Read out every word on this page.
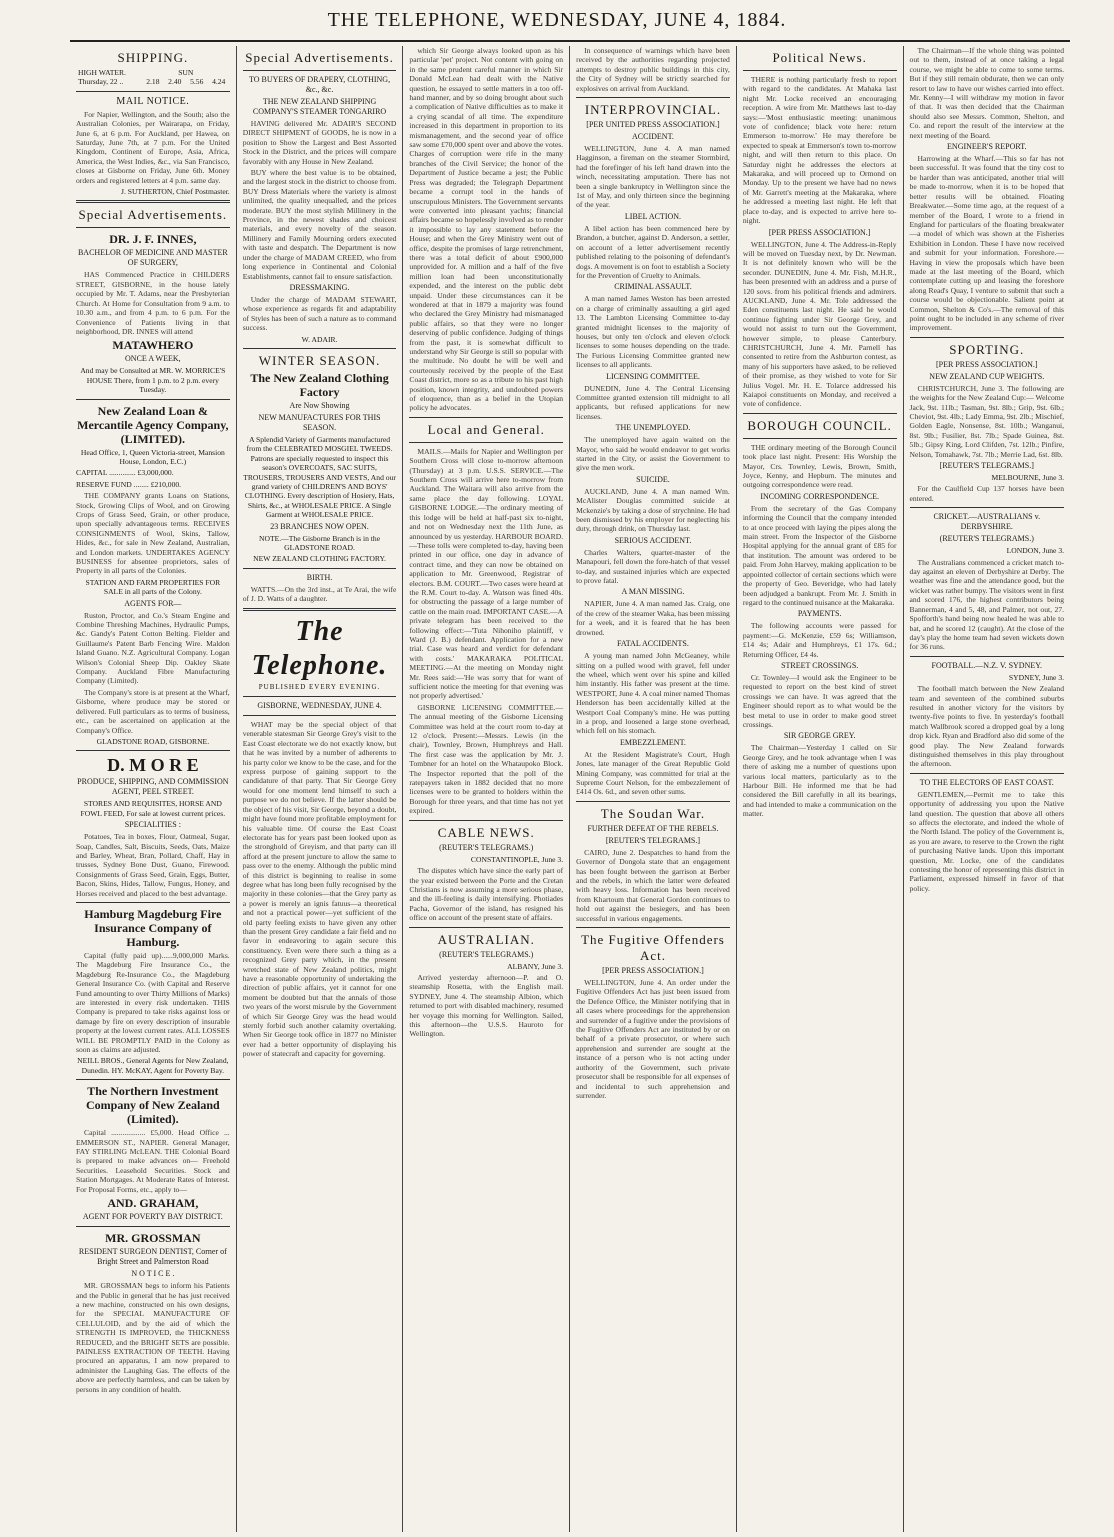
THE TELEPHONE, WEDNESDAY, JUNE 4, 1884.
SHIPPING.
HIGH WATER.	SUN			
Thursday, 22 ..	2.18	2.40	5.56	4.24
MAIL NOTICE.

For Napier, Wellington, and the South; also the Australian Colonies, per Wairarapa, on Friday, June 6, at 6 p.m. For Auckland, per Hawea, on Saturday, June 7th, at 7 p.m. For the United Kingdom, Continent of Europe, Asia, Africa, America, the West Indies, &c., via San Francisco, closes at Gisborne on Friday, June 6th. Money orders and registered letters at 4 p.m. same day.

J. SUTHERTON, Chief Postmaster.

Special Advertisements.
DR. J. F. INNES,
BACHELOR OF MEDICINE AND MASTER OF SURGERY,

HAS Commenced Practice in CHILDERS STREET, GISBORNE, in the house lately occupied by Mr. T. Adams, near the Presbyterian Church. At Home for Consultation from 9 a.m. to 10.30 a.m., and from 4 p.m. to 6 p.m. For the Convenience of Patients living in that neighborhood, DR. INNES will attend

MATAWHERO
ONCE A WEEK,

And may be Consulted at MR. W. MORRICE'S HOUSE There, from 1 p.m. to 2 p.m. every Tuesday.

New Zealand Loan & Mercantile Agency Company, (LIMITED).

Head Office, 1, Queen Victoria-street, Mansion House, London, E.C.)

CAPITAL .............. £3,000,000.

RESERVE FUND ........ £210,000.

THE COMPANY grants Loans on Stations, Stock, Growing Clips of Wool, and on Growing Crops of Grass Seed, Grain, or other produce, upon specially advantageous terms. RECEIVES CONSIGNMENTS of Wool, Skins, Tallow, Hides, &c., for sale in New Zealand, Australian, and London markets. UNDERTAKES AGENCY BUSINESS for absentee proprietors, sales of Property in all parts of the Colonies.

STATION AND FARM PROPERTIES FOR SALE in all parts of the Colony.

AGENTS FOR—

Ruston, Proctor, and Co.'s Steam Engine and Combine Threshing Machines, Hydraulic Pumps, &c. Gandy's Patent Cotton Belting. Fielder and Guillaume's Patent Barb Fencing Wire. Maldon Island Guano. N.Z. Agricultural Company. Logan Wilson's Colonial Sheep Dip. Oakley Skate Company. Auckland Fibre Manufacturing Company (Limited).

The Company's store is at present at the Wharf, Gisborne, where produce may be stored or delivered. Full particulars as to terms of business, etc., can be ascertained on application at the Company's Office.

GLADSTONE ROAD, GISBORNE.

D. M O R E
PRODUCE, SHIPPING, AND COMMISSION AGENT, PEEL STREET.

STORES AND REQUISITES, HORSE AND FOWL FEED, For sale at lowest current prices.

SPECIALITIES :

Potatoes, Tea in boxes, Flour, Oatmeal, Sugar, Soap, Candles, Salt, Biscuits, Seeds, Oats, Maize and Barley, Wheat, Bran, Pollard, Chaff, Hay in trusses, Sydney Bone Dust, Guano, Firewood. Consignments of Grass Seed, Grain, Eggs, Butter, Bacon, Skins, Hides, Tallow, Fungus, Honey, and Horses received and placed to the best advantage.

Hamburg Magdeburg Fire Insurance Company of Hamburg.

Capital (fully paid up)......9,000,000 Marks. The Magdeburg Fire Insurance Co., the Magdeburg Re-Insurance Co., the Magdeburg General Insurance Co. (with Capital and Reserve Fund amounting to over Thirty Millions of Marks) are interested in every risk undertaken. THIS Company is prepared to take risks against loss or damage by fire on every description of insurable property at the lowest current rates. ALL LOSSES WILL BE PROMPTLY PAID in the Colony as soon as claims are adjusted.

NEILL BROS., General Agents for New Zealand, Dunedin. HY. McKAY, Agent for Poverty Bay.

The Northern Investment Company of New Zealand (Limited).

Capital .................. £5,000. Head Office ... EMMERSON ST., NAPIER. General Manager, FAY STIRLING McLEAN. THE Colonial Board is prepared to make advances on— Freehold Securities. Leasehold Securities. Stock and Station Mortgages. At Moderate Rates of Interest. For Proposal Forms, etc., apply to—

AND. GRAHAM,
AGENT FOR POVERTY BAY DISTRICT.
MR. GROSSMAN
RESIDENT SURGEON DENTIST, Corner of Bright Street and Palmerston Road
N O T I C E .

MR. GROSSMAN begs to inform his Patients and the Public in general that he has just received a new machine, constructed on his own designs, for the SPECIAL MANUFACTURE OF CELLULOID, and by the aid of which the STRENGTH IS IMPROVED, the THICKNESS REDUCED, and the BRIGHT SETS are possible. PAINLESS EXTRACTION OF TEETH. Having procured an apparatus, I am now prepared to administer the Laughing Gas. The effects of the above are perfectly harmless, and can be taken by persons in any condition of health.

Special Advertisements.
TO BUYERS OF DRAPERY, CLOTHING, &c., &c.
THE NEW ZEALAND SHIPPING COMPANY'S STEAMER TONGARIRO

HAVING delivered Mr. ADAIR'S SECOND DIRECT SHIPMENT of GOODS, he is now in a position to Show the Largest and Best Assorted Stock in the District, and the prices will compare favorably with any House in New Zealand.

BUY where the best value is to be obtained, and the largest stock in the district to choose from. BUY Dress Materials where the variety is almost unlimited, the quality unequalled, and the prices moderate. BUY the most stylish Millinery in the Province, in the newest shades and choicest materials, and every novelty of the season. Millinery and Family Mourning orders executed with taste and despatch. The Department is now under the charge of MADAM CREED, who from long experience in Continental and Colonial Establishments, cannot fail to ensure satisfaction.

DRESSMAKING.

Under the charge of MADAM STEWART, whose experience as regards fit and adaptability of Styles has been of such a nature as to command success.

W. ADAIR.

WINTER SEASON.
The New Zealand Clothing Factory
Are Now Showing
NEW MANUFACTURES FOR THIS SEASON.

A Splendid Variety of Garments manufactured from the CELEBRATED MOSGIEL TWEEDS. Patrons are specially requested to inspect this season's OVERCOATS, SAC SUITS, TROUSERS, TROUSERS AND VESTS, And our grand variety of CHILDREN'S AND BOYS' CLOTHING. Every description of Hosiery, Hats, Shirts, &c., at WHOLESALE PRICE. A Single Garment at WHOLESALE PRICE.

23 BRANCHES NOW OPEN.

NOTE.—The Gisborne Branch is in the GLADSTONE ROAD.

NEW ZEALAND CLOTHING FACTORY.

BIRTH.

WATTS.—On the 3rd inst., at Te Arai, the wife of J. D. Watts of a daughter.

The Telephone.
PUBLISHED EVERY EVENING.
GISBORNE, WEDNESDAY, JUNE 4.

WHAT may be the special object of that venerable statesman Sir George Grey's visit to the East Coast electorate we do not exactly know, but that he was invited by a number of adherents to his party color we know to be the case, and for the express purpose of gaining support to the candidature of that party. That Sir George Grey would for one moment lend himself to such a purpose we do not believe. If the latter should be the object of his visit, Sir George, beyond a doubt, might have found more profitable employment for his valuable time. Of course the East Coast electorate has for years past been looked upon as the stronghold of Greyism, and that party can ill afford at the present juncture to allow the same to pass over to the enemy. Although the public mind of this district is beginning to realise in some degree what has long been fully recognised by the majority in these colonies—that the Grey party as a power is merely an ignis fatuus—a theoretical and not a practical power—yet sufficient of the old party feeling exists to have given any other than the present Grey candidate a fair field and no favor in endeavoring to again secure this constituency. Even were there such a thing as a recognized Grey party which, in the present wretched state of New Zealand politics, might have a reasonable opportunity of undertaking the direction of public affairs, yet it cannot for one moment be doubted but that the annals of those two years of the worst misrule by the Government of which Sir George Grey was the head would sternly forbid such another calamity overtaking. When Sir George took office in 1877 no Minister ever had a better opportunity of displaying his power of statecraft and capacity for governing.

which Sir George always looked upon as his particular 'pet' project. Not content with going on in the same prudent careful manner in which Sir Donald McLean had dealt with the Native question, he essayed to settle matters in a too off-hand manner, and by so doing brought about such a complication of Native difficulties as to make it a crying scandal of all time. The expenditure increased in this department in proportion to its mismanagement, and the second year of office saw some £70,000 spent over and above the votes. Charges of corruption were rife in the many branches of the Civil Service; the honor of the Department of Justice became a jest; the Public Press was degraded; the Telegraph Department became a corrupt tool in the hands of unscrupulous Ministers. The Government servants were converted into pleasant yachts; financial affairs became so hopelessly involved as to render it impossible to lay any statement before the House; and when the Grey Ministry went out of office, despite the promises of large retrenchment, there was a total deficit of about £900,000 unprovided for. A million and a half of the five million loan had been unconstitutionally expended, and the interest on the public debt unpaid. Under these circumstances can it be wondered at that in 1879 a majority was found who declared the Grey Ministry had mismanaged public affairs, so that they were no longer deserving of public confidence. Judging of things from the past, it is somewhat difficult to understand why Sir George is still so popular with the multitude. No doubt he will be well and courteously received by the people of the East Coast district, more so as a tribute to his past high position, known integrity, and undoubted powers of eloquence, than as a belief in the Utopian policy he advocates.

Local and General.

MAILS.—Mails for Napier and Wellington per Southern Cross will close to-morrow afternoon (Thursday) at 3 p.m. U.S.S. SERVICE.—The Southern Cross will arrive here to-morrow from Auckland. The Waitara will also arrive from the same place the day following. LOYAL GISBORNE LODGE.—The ordinary meeting of this lodge will be held at half-past six to-night, and not on Wednesday next the 11th June, as announced by us yesterday. HARBOUR BOARD.—These tolls were completed to-day, having been printed in our office, one day in advance of contract time, and they can now be obtained on application to Mr. Greenwood, Registrar of electors. B.M. COURT.—Two cases were heard at the R.M. Court to-day. A. Watson was fined 40s. for obstructing the passage of a large number of cattle on the main road. IMPORTANT CASE.—A private telegram has been received to the following effect:—'Tuta Nihoniho plaintiff, v Ward (J. B.) defendant. Application for a new trial. Case was heard and verdict for defendant with costs.' MAKARAKA POLITICAL MEETING.—At the meeting on Monday night Mr. Rees said:—'He was sorry that for want of sufficient notice the meeting for that evening was not properly advertised.'

GISBORNE LICENSING COMMITTEE.—The annual meeting of the Gisborne Licensing Committee was held at the court room to-day at 12 o'clock. Present:—Messrs. Lewis (in the chair), Townley, Brown, Humphreys and Hall. The first case was the application by Mr. J. Tombner for an hotel on the Whataupoko Block. The Inspector reported that the poll of the ratepayers taken in 1882 decided that no more licenses were to be granted to holders within the Borough for three years, and that time has not yet expired.

CABLE NEWS.
(REUTER'S TELEGRAMS.)

CONSTANTINOPLE, June 3.

The disputes which have since the early part of the year existed between the Porte and the Cretan Christians is now assuming a more serious phase, and the ill-feeling is daily intensifying. Photiades Pacha, Governor of the island, has resigned his office on account of the present state of affairs.

AUSTRALIAN.
(REUTER'S TELEGRAMS.)

ALBANY, June 3.

Arrived yesterday afternoon—P. and O. steamship Rosetta, with the English mail. SYDNEY, June 4. The steamship Albion, which returned to port with disabled machinery, resumed her voyage this morning for Wellington. Sailed, this afternoon—the U.S.S. Hauroto for Wellington.

In consequence of warnings which have been received by the authorities regarding projected attempts to destroy public buildings in this city, the City of Sydney will be strictly searched for explosives on arrival from Auckland.

INTERPROVINCIAL.
[PER UNITED PRESS ASSOCIATION.]
ACCIDENT.

WELLINGTON, June 4. A man named Hagginson, a fireman on the steamer Stormbird, had the forefinger of his left hand drawn into the winch, necessitating amputation. There has not been a single bankruptcy in Wellington since the 1st of May, and only thirteen since the beginning of the year.

LIBEL ACTION.

A libel action has been commenced here by Brandon, a butcher, against D. Anderson, a settler, on account of a letter advertisement recently published relating to the poisoning of defendant's dogs. A movement is on foot to establish a Society for the Prevention of Cruelty to Animals.

CRIMINAL ASSAULT.

A man named James Weston has been arrested on a charge of criminally assaulting a girl aged 13. The Lambton Licensing Committee to-day granted midnight licenses to the majority of houses, but only ten o'clock and eleven o'clock licenses to some houses depending on the trade. The Furious Licensing Committee granted new licenses to all applicants.

LICENSING COMMITTEE.

DUNEDIN, June 4. The Central Licensing Committee granted extension till midnight to all applicants, but refused applications for new licenses.

THE UNEMPLOYED.

The unemployed have again waited on the Mayor, who said he would endeavor to get works started in the City, or assist the Government to give the men work.

SUICIDE.

AUCKLAND, June 4. A man named Wm. McAlister Douglas committed suicide at Mckenzie's by taking a dose of strychnine. He had been dismissed by his employer for neglecting his duty, through drink, on Thursday last.

SERIOUS ACCIDENT.

Charles Walters, quarter-master of the Manapouri, fell down the fore-hatch of that vessel to-day, and sustained injuries which are expected to prove fatal.

A MAN MISSING.

NAPIER, June 4. A man named Jas. Craig, one of the crew of the steamer Waka, has been missing for a week, and it is feared that he has been drowned.

FATAL ACCIDENTS.

A young man named John McGeaney, while sitting on a pulled wood with gravel, fell under the wheel, which went over his spine and killed him instantly. His father was present at the time. WESTPORT, June 4. A coal miner named Thomas Henderson has been accidentally killed at the Westport Coal Company's mine. He was putting in a prop, and loosened a large stone overhead, which fell on his stomach.

EMBEZZLEMENT.

At the Resident Magistrate's Court, Hugh Jones, late manager of the Great Republic Gold Mining Company, was committed for trial at the Supreme Court Nelson, for the embezzlement of £414 Os. 6d., and seven other sums.

The Soudan War.
FURTHER DEFEAT OF THE REBELS.
[REUTER'S TELEGRAMS.]

CAIRO, June 2. Despatches to hand from the Governor of Dongola state that an engagement has been fought between the garrison at Berber and the rebels, in which the latter were defeated with heavy loss. Information has been received from Khartoum that General Gordon continues to hold out against the besiegers, and has been successful in various engagements.

The Fugitive Offenders Act.
[PER PRESS ASSOCIATION.]

WELLINGTON, June 4. An order under the Fugitive Offenders Act has just been issued from the Defence Office, the Minister notifying that in all cases where proceedings for the apprehension and surrender of a fugitive under the provisions of the Fugitive Offenders Act are instituted by or on behalf of a private prosecutor, or where such apprehension and surrender are sought at the instance of a person who is not acting under authority of the Government, such private prosecutor shall be responsible for all expenses of and incidental to such apprehension and surrender.

Political News.

THERE is nothing particularly fresh to report with regard to the candidates. At Mahaka last night Mr. Locke received an encouraging reception. A wire from Mr. Matthews last to-day says:—'Most enthusiastic meeting: unanimous vote of confidence; black vote here: return Emmerson to-morrow.' He may therefore be expected to speak at Emmerson's town to-morrow night, and will then return to this place. On Saturday night he addresses the electors at Makaraka, and will proceed up to Ormond on Monday. Up to the present we have had no news of Mr. Garrett's meeting at the Makaraka, where he addressed a meeting last night. He left that place to-day, and is expected to arrive here to-night.

[PER PRESS ASSOCIATION.]

WELLINGTON, June 4. The Address-in-Reply will be moved on Tuesday next, by Dr. Newman. It is not definitely known who will be the seconder. DUNEDIN, June 4. Mr. Fish, M.H.R., has been presented with an address and a purse of 120 sovs. from his political friends and admirers. AUCKLAND, June 4. Mr. Tole addressed the Eden constituents last night. He said he would continue fighting under Sir George Grey, and would not assist to turn out the Government, however simple, to please Canterbury. CHRISTCHURCH, June 4. Mr. Parnell has consented to retire from the Ashburton contest, as many of his supporters have asked, to be relieved of their promise, as they wished to vote for Sir Julius Vogel. Mr. H. E. Tolarce addressed his Kaiapoi constituents on Monday, and received a vote of confidence.

BOROUGH COUNCIL.

THE ordinary meeting of the Borough Council took place last night. Present: His Worship the Mayor, Crs. Townley, Lewis, Brown, Smith, Joyce, Kenny, and Hepburn. The minutes and outgoing correspondence were read.

INCOMING CORRESPONDENCE.

From the secretary of the Gas Company informing the Council that the company intended to at once proceed with laying the pipes along the main street. From the Inspector of the Gisborne Hospital applying for the annual grant of £85 for that institution. The amount was ordered to be paid. From John Harvey, making application to be appointed collector of certain sections which were the property of Geo. Beveridge, who had lately been adjudged a bankrupt. From Mr. J. Smith in regard to the continued nuisance at the Makaraka.

PAYMENTS.

The following accounts were passed for payment:—G. McKenzie, £59 6s; Williamson, £14 4s; Adair and Humphreys, £1 17s. 6d.; Returning Officer, £4 4s.

STREET CROSSINGS.

Cr. Townley—I would ask the Engineer to be requested to report on the best kind of street crossings we can have. It was agreed that the Engineer should report as to what would be the best metal to use in order to make good street crossings.

SIR GEORGE GREY.

The Chairman—Yesterday I called on Sir George Grey, and he took advantage when I was there of asking me a number of questions upon various local matters, particularly as to the Harbour Bill. He informed me that he had considered the Bill carefully in all its bearings, and had intended to make a communication on the matter.

The Chairman—If the whole thing was pointed out to them, instead of at once taking a legal course, we might be able to come to some terms. But if they still remain obdurate, then we can only resort to law to have our wishes carried into effect. Mr. Kenny—I will withdraw my motion in favor of that. It was then decided that the Chairman should also see Messrs. Common, Shelton, and Co. and report the result of the interview at the next meeting of the Board.

ENGINEER'S REPORT.

Harrowing at the Wharf.—This so far has not been successful. It was found that the tiny cost to be harder than was anticipated, another trial will be made to-morrow, when it is to be hoped that better results will be obtained. Floating Breakwater.—Some time ago, at the request of a member of the Board, I wrote to a friend in England for particulars of the floating breakwater—a model of which was shown at the Fisheries Exhibition in London. These I have now received and submit for your information. Foreshore.—Having in view the proposals which have been made at the last meeting of the Board, which contemplate cutting up and leasing the foreshore along Read's Quay, I venture to submit that such a course would be objectionable. Salient point at Common, Shelton & Co's.—The removal of this point ought to be included in any scheme of river improvement.

SPORTING.
[PER PRESS ASSOCIATION.]
NEW ZEALAND CUP WEIGHTS.

CHRISTCHURCH, June 3. The following are the weights for the New Zealand Cup:— Welcome Jack, 9st. 11lb.; Tasman, 9st. 8lb.; Grip, 9st. 6lb.; Cheviot, 9st. 4lb.; Lady Emma, 9st. 2lb.; Mischief, Golden Eagle, Nonsense, 8st. 10lb.; Wanganui, 8st. 9lb.; Fusilier, 8st. 7lb.; Spade Guinea, 8st. 5lb.; Gipsy King, Lord Clifden, 7st. 12lb.; Pinfire, Nelson, Tomahawk, 7st. 7lb.; Merrie Lad, 6st. 8lb.

[REUTER'S TELEGRAMS.]

MELBOURNE, June 3.

For the Caulfield Cup 137 horses have been entered.

CRICKET.—AUSTRALIANS v. DERBYSHIRE.
(REUTER'S TELEGRAMS.)

LONDON, June 3.

The Australians commenced a cricket match to-day against an eleven of Derbyshire at Derby. The weather was fine and the attendance good, but the wicket was rather bumpy. The visitors went in first and scored 176, the highest contributors being Bannerman, 4 and 5, 48, and Palmer, not out, 27. Spofforth's hand being now healed he was able to bat, and he scored 12 (caught). At the close of the day's play the home team had seven wickets down for 36 runs.

FOOTBALL.—N.Z. V. SYDNEY.

SYDNEY, June 3.

The football match between the New Zealand team and seventeen of the combined suburbs resulted in another victory for the visitors by twenty-five points to five. In yesterday's football match Wallbrook scored a dropped goal by a long drop kick. Ryan and Bradford also did some of the good play. The New Zealand forwards distinguished themselves in this play throughout the afternoon.

TO THE ELECTORS OF EAST COAST.

GENTLEMEN,—Permit me to take this opportunity of addressing you upon the Native land question. The question that above all others so affects the electorate, and indeed the whole of the North Island. The policy of the Government is, as you are aware, to reserve to the Crown the right of purchasing Native lands. Upon this important question, Mr. Locke, one of the candidates contesting the honor of representing this district in Parliament, expressed himself in favor of that policy.
